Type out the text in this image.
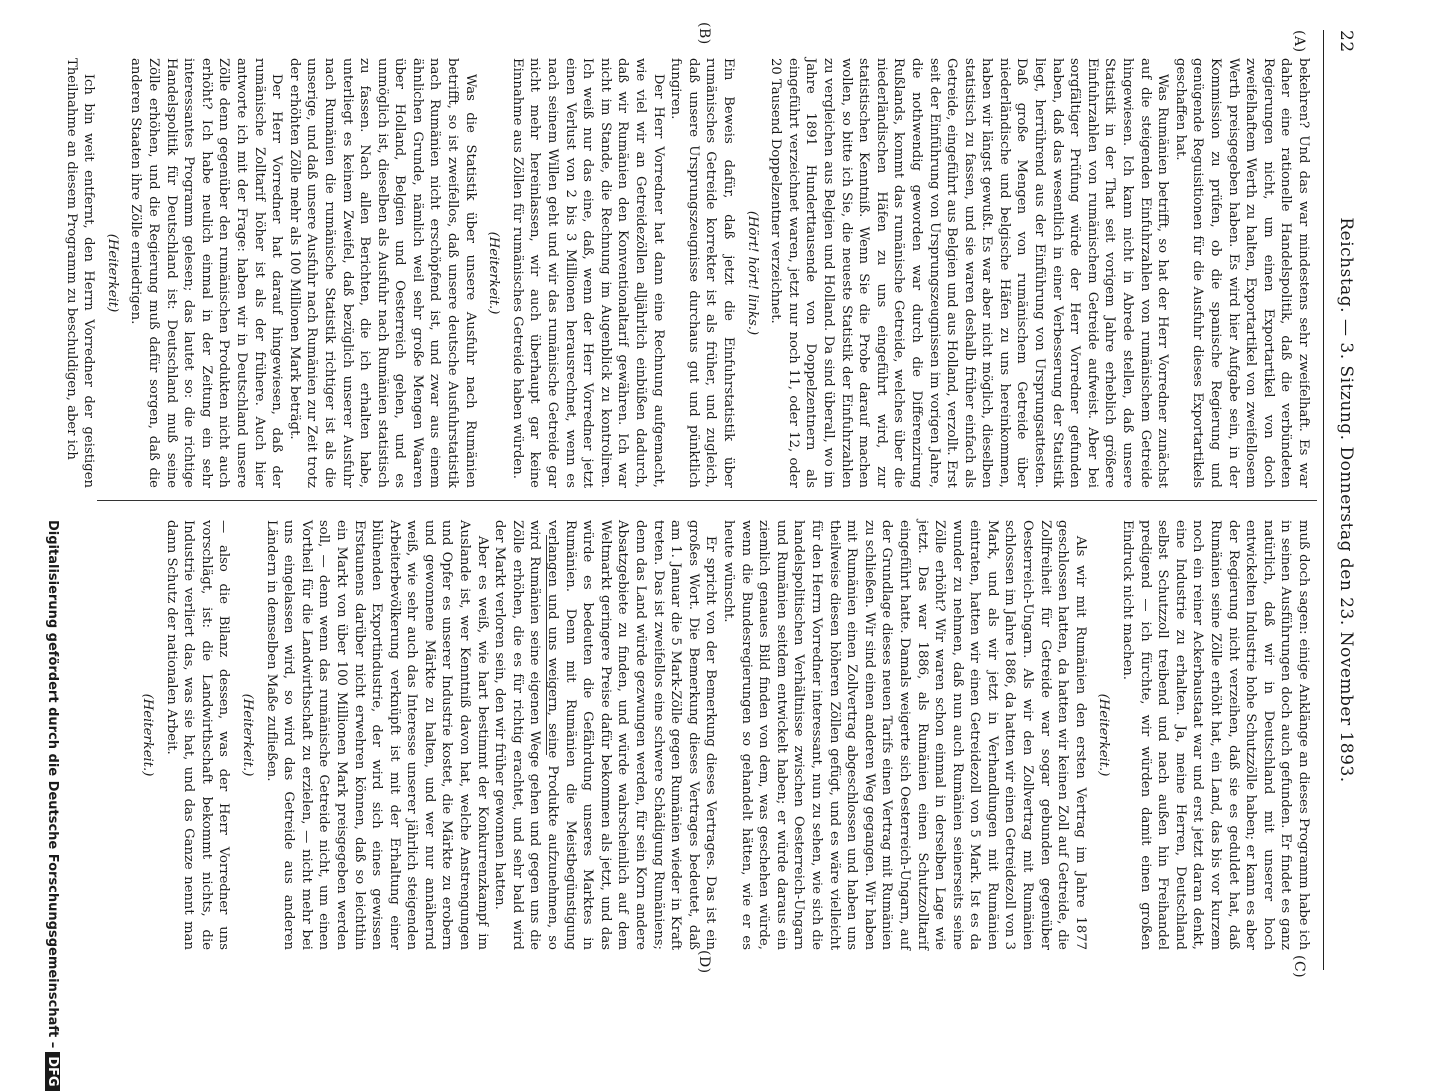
22
Reichstag. — 3. Sitzung. Donnerstag den 23. November 1893.
(A)
(B)
(C)
(D)

bekehren? Und das war mindestens sehr zweifelhaft. Es war daher eine rationelle Handelspolitik, daß die verbündeten Regierungen nicht, um einen Exportartikel von doch zweifelhaftem Werth zu halten, Exportartikel von zweifellosem Werth preisgegeben haben. Es wird hier Aufgabe sein, in der Kommission zu prüfen, ob die spanische Regierung und genügende Reguisitionen für die Ausfuhr dieses Exportartikels geschaffen hat.

Was Rumänien betrifft, so hat der Herr Vorredner zunächst auf die steigenden Einfuhrzahlen von rumänischem Getreide hingewiesen. Ich kann nicht in Abrede stellen, daß unsere Statistik in der That seit vorigem Jahre erheblich größere Einfuhrzahlen von rumänischem Getreide aufweist. Aber bei sorgfältiger Prüfung würde der Herr Vorredner gefunden haben, daß das wesentlich in einer Verbesserung der Statistik liegt, herrührend aus der Einführung von Ursprungsattesten. Daß große Mengen von rumänischem Getreide über niederländische und belgische Häfen zu uns hereinkommen, haben wir längst gewußt. Es war aber nicht möglich, dieselben statistisch zu fassen, und sie waren deshalb früher einfach als Getreide, eingeführt aus Belgien und aus Holland, verzollt. Erst seit der Einführung von Ursprungszeugnissen im vorigen Jahre, die nothwendig geworden war durch die Differenzirung Rußlands, kommt das rumänische Getreide, welches über die niederländischen Häfen zu uns eingeführt wird, zur statistischen Kenntniß. Wenn Sie die Probe darauf machen wollen, so bitte ich Sie, die neueste Statistik der Einfuhrzahlen zu vergleichen aus Belgien und Holland. Da sind überall, wo im Jahre 1891 Hunderttausende von Doppelzentnern als eingeführt verzeichnet waren, jetzt nur noch 11, oder 12, oder 20 Tausend Doppelzentner verzeichnet.

(Hört! hört! links.)

Ein Beweis dafür, daß jetzt die Einfuhrstatistik über rumänisches Getreide korrekter ist als früher, und zugleich, daß unsere Ursprungszeugnisse durchaus gut und pünktlich fungiren.

Der Herr Vorredner hat dann eine Rechnung aufgemacht, wie viel wir an Getreidezöllen alljährlich einbüßen dadurch, daß wir Rumänien den Konventionaltarif gewähren. Ich war nicht im Stande, die Rechnung im Augenblick zu kontroliren. Ich weiß nur das eine, daß, wenn der Herr Vorredner jetzt einen Verlust von 2 bis 3 Millionen herausrechnet, wenn es nach seinem Willen geht und wir das rumänische Getreide gar nicht mehr hereinlassen, wir auch überhaupt gar keine Einnahme aus Zöllen für rumänisches Getreide haben würden.

(Heiterkeit.)

Was die Statistik über unsere Ausfuhr nach Rumänien betrifft, so ist zweifellos, daß unsere deutsche Ausfuhrstatistik nach Rumänien nicht erschöpfend ist, und zwar aus einem ähnlichen Grunde, nämlich weil sehr große Mengen Waaren über Holland, Belgien und Oesterreich gehen, und es unmöglich ist, dieselben als Ausfuhr nach Rumänien statistisch zu fassen. Nach allen Berichten, die ich erhalten habe, unterliegt es keinem Zweifel, daß bezüglich unserer Ausfuhr nach Rumänien die rumänische Statistik richtiger ist als die unserige, und daß unsere Ausfuhr nach Rumänien zur Zeit trotz der erhöhten Zölle mehr als 100 Millionen Mark beträgt.

Der Herr Vorredner hat darauf hingewiesen, daß der rumänische Zolltarif höher ist als der frühere. Auch hier antworte ich mit der Frage: haben wir in Deutschland unsere Zölle denn gegenüber den rumänischen Produkten nicht auch erhöht? Ich habe neulich einmal in der Zeitung ein sehr interessantes Programm gelesen; das lautet so: die richtige Handelspolitik für Deutschland ist: Deutschland muß seine Zölle erhöhen, und die Regierung muß dafür sorgen, daß die anderen Staaten ihre Zölle erniedrigen.

(Heiterkeit)

Ich bin weit entfernt, den Herrn Vorredner der geistigen Theilnahme an diesem Programm zu beschuldigen, aber ich

muß doch sagen: einige Anklänge an dieses Programm habe ich in seinen Ausführungen doch auch gefunden. Er findet es ganz natürlich, daß wir in Deutschland mit unserer hoch entwickelten Industrie hohe Schutzzölle haben; er kann es aber der Regierung nicht verzeihen, daß sie es geduldet hat, daß Rumänien seine Zölle erhöht hat, ein Land, das bis vor kurzem noch ein reiner Ackerbaustaat war und erst jetzt daran denkt, eine Industrie zu erhalten. Ja, meine Herren, Deutschland selbst Schutzzoll treibend und nach außen hin Freihandel predigend — ich fürchte, wir würden damit einen großen Eindruck nicht machen.

(Heiterkeit.)

Als wir mit Rumänien den ersten Vertrag im Jahre 1877 geschlossen hatten, da hatten wir keinen Zoll auf Getreide, die Zollfreiheit für Getreide war sogar gebunden gegenüber Oesterreich-Ungarn. Als wir den Zollvertrag mit Rumänien schlossen im Jahre 1886, da hatten wir einen Getreidezoll von 3 Mark, und als wir jetzt in Verhandlungen mit Rumänien eintraten, hatten wir einen Getreidezoll von 5 Mark. Ist es da wunder zu nehmen, daß nun auch Rumänien seinerseits seine Zölle erhöht? Wir waren schon einmal in derselben Lage wie jetzt. Das war 1886, als Rumänien einen Schutzzolltarif eingeführt hatte. Damals weigerte sich Oesterreich-Ungarn, auf der Grundlage dieses neuen Tarifs einen Vertrag mit Rumänien zu schließen. Wir sind einen anderen Weg gegangen. Wir haben mit Rumänien einen Zollvertrag abgeschlossen und haben uns theilweise diesen höheren Zöllen gefügt, und es wäre vielleicht für den Herrn Vorredner interessant, nun zu sehen, wie sich die handelspolitischen Verhältnisse zwischen Oesterreich-Ungarn und Rumänien seitdem entwickelt haben; er würde daraus ein ziemlich genaues Bild finden von dem, was geschehen würde, wenn die Bundesregierungen so gehandelt hätten, wie er es heute wünscht.

Er spricht von der Bemerkung dieses Vertrages. Das ist ein großes Wort. Die Bemerkung dieses Vertrages bedeutet, daß am 1. Januar die 5 Mark-Zölle gegen Rumänien wieder in Kraft treten. Das ist zweifellos eine schwere Schädigung Rumäniens; denn das Land würde gezwungen werden, für sein Korn andere Absatzgebiete zu finden, und würde wahrscheinlich auf dem Weltmarkt geringere Preise dafür bekommen als jetzt, und das würde es bedeuten die Gefährdung unseres Marktes in Rumänien. Denn mit Rumänien die Meistbegünstigung verlangen und uns weigern, seine Produkte aufzunehmen, so wird Rumänien seine eigenen Wege gehen und gegen uns die Zölle erhöhen, die es für richtig erachtet, und sehr bald wird der Markt verloren sein, den wir früher gewonnen hatten.

Aber es weiß, wie hart bestimmt der Konkurrenzkampf im Auslande ist, wer Kenntniß davon hat, welche Anstrengungen und Opfer es unserer Industrie kostet, die Märkte zu erobern und gewonnene Märkte zu halten, und wer nur annähernd weiß, wie sehr auch das Interesse unserer jährlich steigenden Arbeiterbevölkerung verknüpft ist mit der Erhaltung einer blühenden Exportindustrie, der wird sich eines gewissen Erstaunens darüber nicht erwehren können, daß so leichthin ein Markt von über 100 Millionen Mark preisgegeben werden soll, — denn wenn das rumänische Getreide nicht, um einen Vortheil für die Landwirthschaft zu erzielen, — nicht mehr bei uns eingelassen wird, so wird das Getreide aus anderen Ländern in demselben Maße zufließen.

(Heiterkeit.)

— also die Bilanz dessen, was der Herr Vorredner uns vorschlägt, ist: die Landwirthschaft bekommt nichts, die Industrie verliert das, was sie hat, und das Ganze nennt man dann Schutz der nationalen Arbeit.

(Heiterkeit.)

Digitalisierung gefördert durch die Deutsche Forschungsgemeinschaft –DFG
